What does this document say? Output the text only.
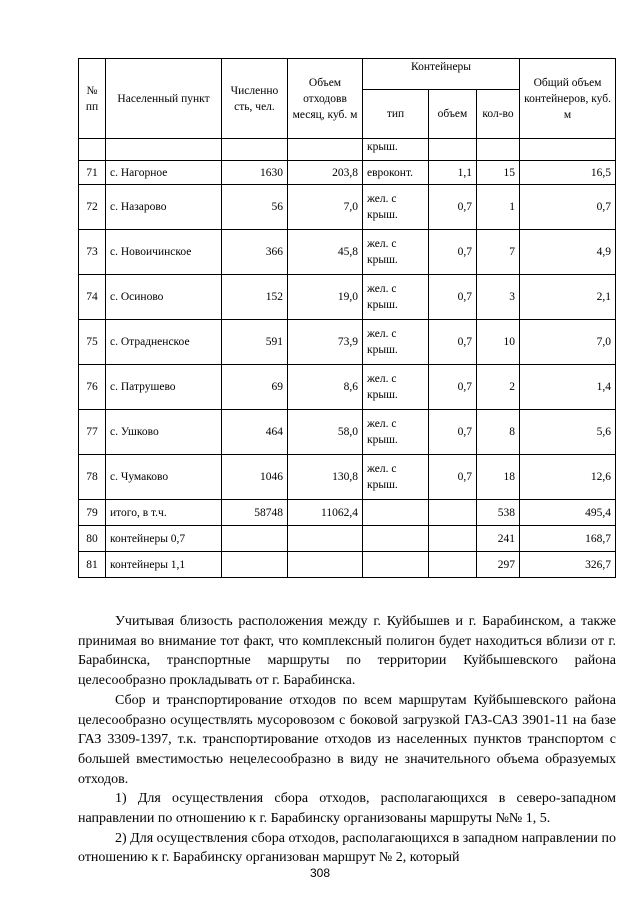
№ пп	Населенный пункт	Численно сть, чел.	Объем отходовв месяц, куб. м	Контейнеры			Общий объем контейнеров, куб. м
				тип	объем	кол-во	
				крыш.			
71	с. Нагорное	1630	203,8	евроконт.	1,1	15	16,5
72	с. Назарово	56	7,0	жел. с крыш.	0,7	1	0,7
73	с. Новоичинское	366	45,8	жел. с крыш.	0,7	7	4,9
74	с. Осиново	152	19,0	жел. с крыш.	0,7	3	2,1
75	с. Отрадненское	591	73,9	жел. с крыш.	0,7	10	7,0
76	с. Патрушево	69	8,6	жел. с крыш.	0,7	2	1,4
77	с. Ушково	464	58,0	жел. с крыш.	0,7	8	5,6
78	с. Чумаково	1046	130,8	жел. с крыш.	0,7	18	12,6
79	итого, в т.ч.	58748	11062,4			538	495,4
80	контейнеры 0,7					241	168,7
81	контейнеры 1,1					297	326,7

Учитывая близость расположения между г. Куйбышев и г. Барабинском, а также принимая во внимание тот факт, что комплексный полигон будет находиться вблизи от г. Барабинска, транспортные маршруты по территории Куйбышевского района целесообразно прокладывать от г. Барабинска.

Сбор и транспортирование отходов по всем маршрутам Куйбышевского района целесообразно осуществлять мусоровозом с боковой загрузкой ГАЗ-САЗ 3901-11 на базе ГАЗ 3309-1397, т.к. транспортирование отходов из населенных пунктов транспортом с большей вместимостью нецелесообразно в виду не значительного объема образуемых отходов.

1) Для осуществления сбора отходов, располагающихся в северо-западном направлении по отношению к г. Барабинску организованы маршруты №№ 1, 5.

2) Для осуществления сбора отходов, располагающихся в западном направлении по отношению к г. Барабинску организован маршрут № 2, который

308
